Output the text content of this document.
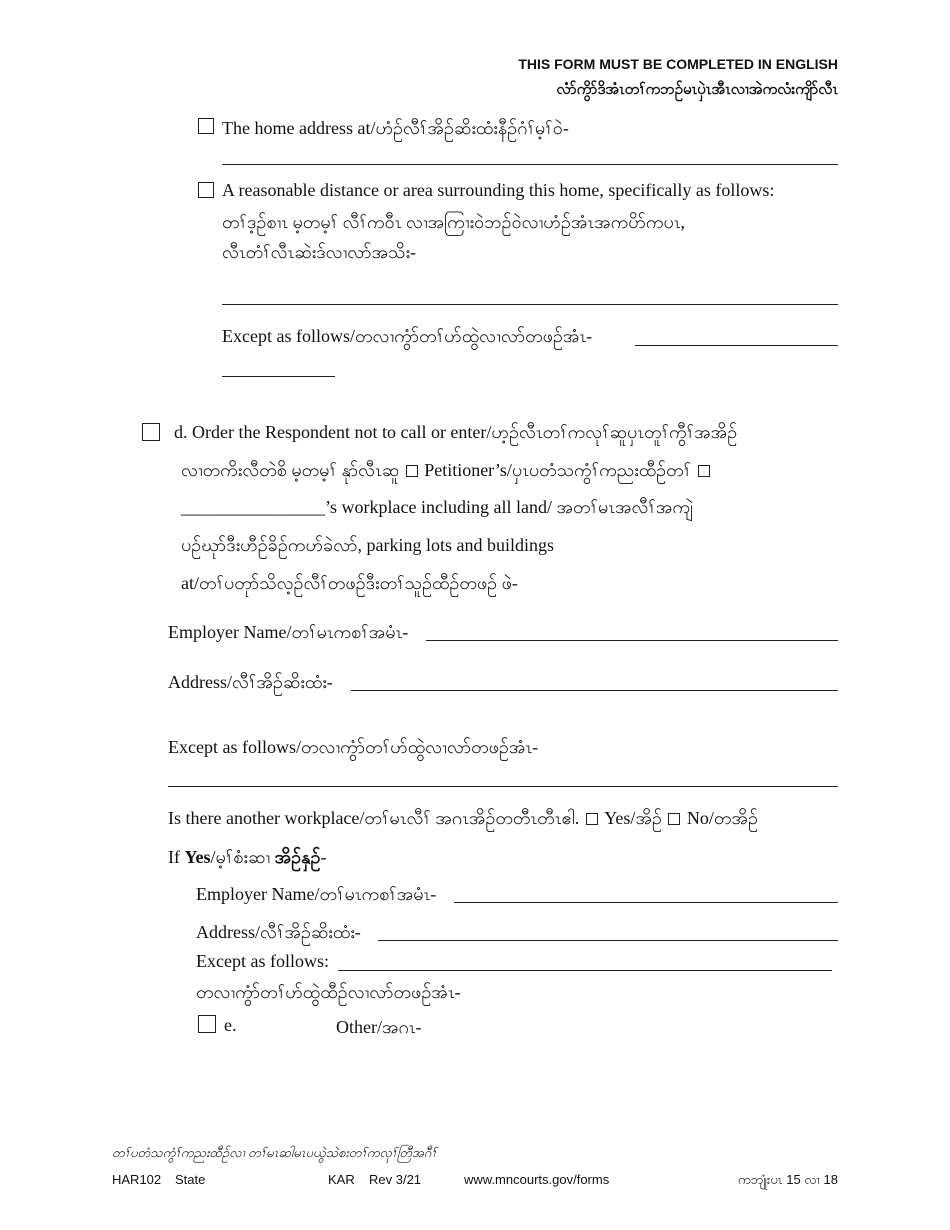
THIS FORM MUST BE COMPLETED IN ENGLISH
လံာ်ကွိာ်ဒိအံၤတၢ်ကဘဉ်မၤပှဲၤအီၤလၢအဲကလံးကျိာ်လီၤ
The home address at/ဟံဉ်လီၢ်အိဉ်ဆိးထံးနီဉ်ဂံၢ်မ့ၢ်ဝဲ-
A reasonable distance or area surrounding this home, specifically as follows:
တၢ်ဒ့ဉ်စၢၤ မ့တမ့ၢ် လီၢ်ကဝီၤ လၢအကြၢးဝဲဘဉ်ဝဲလၢဟံဉ်အံၤအကပိာ်ကပၤ,
လီၤတံၢ်လီၤဆဲးဒ်လၢလာ်အသိး-
Except as follows/တလၢကွံာ်တၢ်ဟ်ထွဲလၢလာ်တဖဉ်အံၤ-
d. Order the Respondent not to call or enter/ဟ့ဉ်လီၤတၢ်ကလုၢ်ဆူပှၤတူၢ်ကွီၢ်အအိဉ်
လၢတကိးလီတဲစိ မ့တမ့ၢ် နုာ်လီၤဆူ Petitioner’s/ပှၤပတံသကွံၢ်ကညးထီဉ်တၢ်
________________’s workplace including all land/ အတၢ်မၤအလီၢ်အကျဲ
ပဉ်ဃုာ်ဒီးဟီဉ်ခိဉ်ကဟ်ခဲလာ်, parking lots and buildings
at/တၢ်ပတုာ်သိလ့ဉ်လီၢ်တဖဉ်ဒီးတၢ်သူဉ်ထီဉ်တဖဉ် ဖဲ-
Employer Name/တၢ်မၤကစၢ်အမံၤ-
Address/လီၢ်အိဉ်ဆိးထံး-
Except as follows/တလၢကွံာ်တၢ်ဟ်ထွဲလၢလာ်တဖဉ်အံၤ-
Is there another workplace/တၢ်မၤလီၢ် အဂၤအိဉ်တတီၤတီၤဧါ. Yes/အိဉ် No/တအိဉ်
If Yes/မ့ၢ်စံးဆၢ အိဉ်နှဉ်-
Employer Name/တၢ်မၤကစၢ်အမံၤ-
Address/လီၢ်အိဉ်ဆိးထံး-
Except as follows:
တလၢကွံာ်တၢ်ဟ်ထွဲထီဉ်လၢလာ်တဖဉ်အံၤ-
e.	Other/အဂၤ-
တၢ်ပတံသကွံၢ်ကညးထီဉ်လၢ တၢ်မၤဆါမၤပယွဲသဲစးတၢ်ကလုၢ်တြီအဂီၢ်
HAR102 State	KAR Rev 3/21	www.mncourts.gov/forms	ကဘျုံးပၤ 15 လၢ 18
